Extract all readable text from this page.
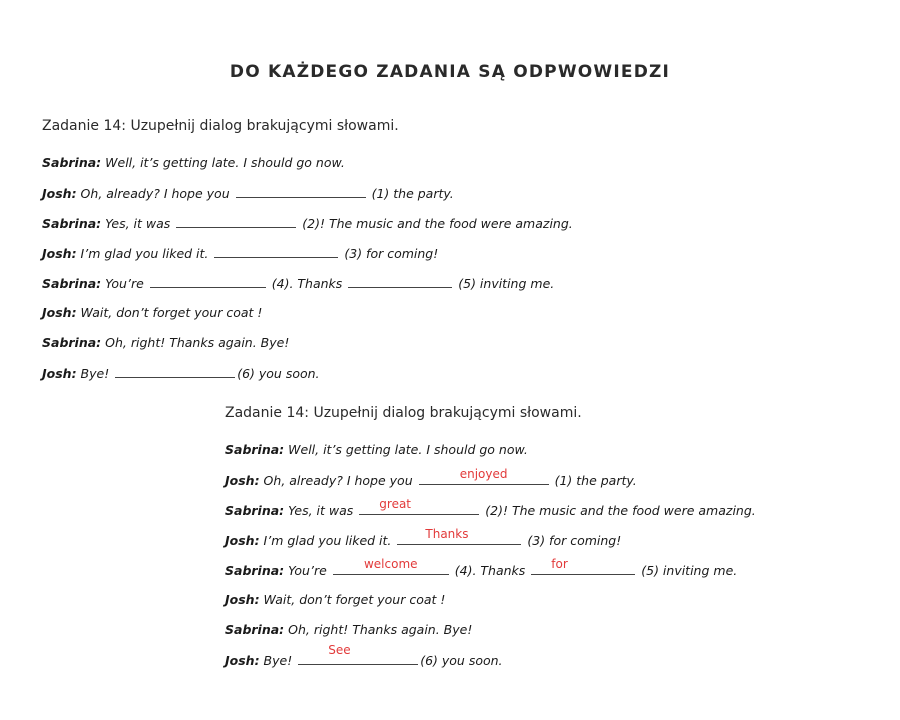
DO KAŻDEGO ZADANIA SĄ ODPWOWIEDZI
Zadanie 14: Uzupełnij dialog brakującymi słowami.
Sabrina: Well, it’s getting late. I should go now.
Josh: Oh, already? I hope you	(1) the party.
Sabrina: Yes, it was	(2)! The music and the food were amazing.
Josh: I’m glad you liked it.	(3) for coming!
Sabrina: You’re	(4). Thanks	(5) inviting me.
Josh: Wait, don’t forget your coat !
Sabrina: Oh, right! Thanks again. Bye!
Josh: Bye!	(6) you soon.
Zadanie 14: Uzupełnij dialog brakującymi słowami.
Sabrina: Well, it’s getting late. I should go now.
Josh: Oh, already? I hope you	enjoyed	(1) the party.
Sabrina: Yes, it was great	(2)! The music and the food were amazing.
Josh: I’m glad you liked it.	Thanks	(3) for coming!
Sabrina: You’re	welcome	(4). Thanks for	(5) inviting me.
Josh: Wait, don’t forget your coat !
Sabrina: Oh, right! Thanks again. Bye!
Josh: Bye!
See
(6) you soon.
